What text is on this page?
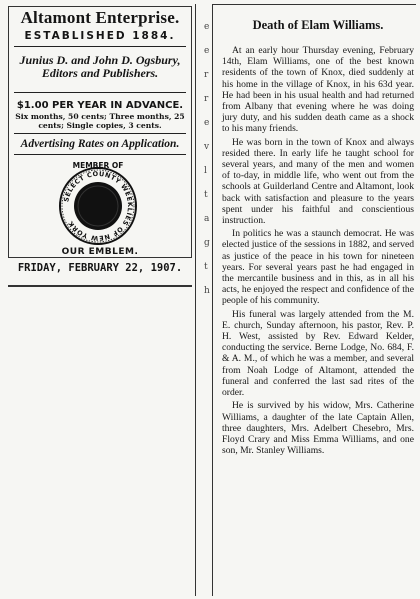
Altamont Enterprise.
ESTABLISHED 1884.
Junius D. and John D. Ogsbury,
Editors and Publishers.
$1.00 PER YEAR IN ADVANCE.
Six months, 50 cents; Three months, 25 cents; Single copies, 3 cents.
Advertising Rates on Application.
MEMBER OF
SELECT COUNTY WEEKLIES OF NEW YORK
OUR EMBLEM.
FRIDAY, FEBRUARY 22, 1907.
e
e
r
r
e
v
l
t
a
g
t
h
Death of Elam Williams.

At an early hour Thursday evening, February 14th, Elam Williams, one of the best known residents of the town of Knox, died suddenly at his home in the village of Knox, in his 63d year. He had been in his usual health and had returned from Albany that evening where he was doing jury duty, and his sudden death came as a shock to his many friends.

He was born in the town of Knox and always resided there. In early life he taught school for several years, and many of the men and women of to-day, in middle life, who went out from the schools at Guilderland Centre and Altamont, look back with satisfaction and pleasure to the years spent under his faithful and conscientious instruction.

In politics he was a staunch democrat. He was elected justice of the sessions in 1882, and served as justice of the peace in his town for nineteen years. For several years past he had engaged in the mercantile business and in this, as in all his acts, he enjoyed the respect and confidence of the people of his community.

His funeral was largely attended from the M. E. church, Sunday afternoon, his pastor, Rev. P. H. West, assisted by Rev. Edward Kelder, conducting the service. Berne Lodge, No. 684, F. & A. M., of which he was a member, and several from Noah Lodge of Altamont, attended the funeral and conferred the last sad rites of the order.

He is survived by his widow, Mrs. Catherine Williams, a daughter of the late Captain Allen, three daughters, Mrs. Adelbert Chesebro, Mrs. Floyd Crary and Miss Emma Williams, and one son, Mr. Stanley Williams.
